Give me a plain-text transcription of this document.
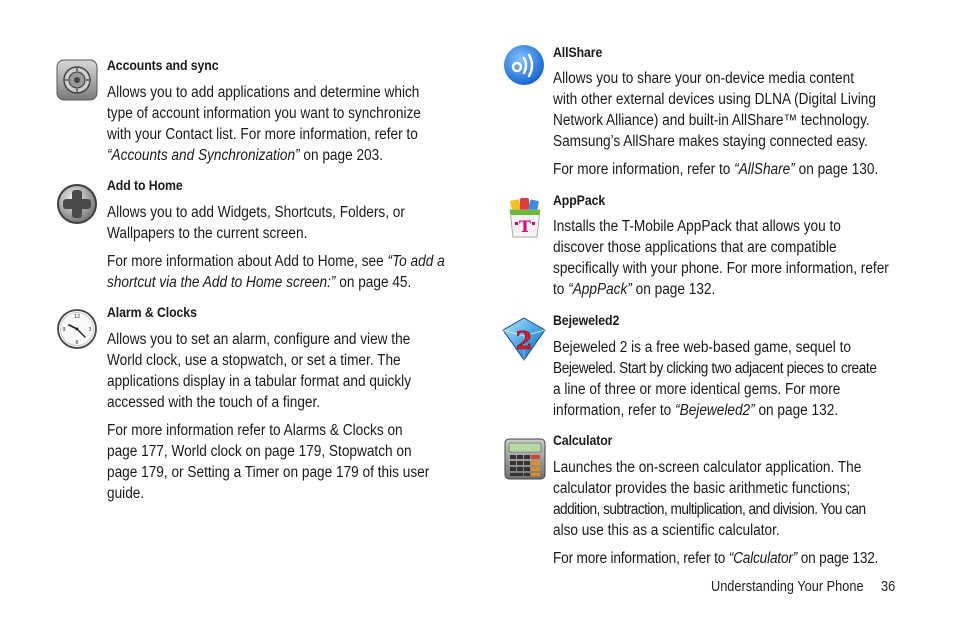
Accounts and sync
Allows you to add applications and determine which
type of account information you want to synchronize
with your Contact list. For more information, refer to
“Accounts and Synchronization” on page 203.
Add to Home
Allows you to add Widgets, Shortcuts, Folders, or
Wallpapers to the current screen.
For more information about Add to Home, see “To add a
shortcut via the Add to Home screen:” on page 45.
12
3
6
9
Alarm & Clocks
Allows you to set an alarm, configure and view the
World clock, use a stopwatch, or set a timer. The
applications display in a tabular format and quickly
accessed with the touch of a finger.
For more information refer to Alarms & Clocks on
page 177, World clock on page 179, Stopwatch on
page 179, or Setting a Timer on page 179 of this user
guide.
AllShare
Allows you to share your on-device media content
with other external devices using DLNA (Digital Living
Network Alliance) and built-in AllShare™ technology.
Samsung’s AllShare makes staying connected easy.
For more information, refer to “AllShare” on page 130.
T
AppPack
Installs the T-Mobile AppPack that allows you to
discover those applications that are compatible
specifically with your phone. For more information, refer
to “AppPack” on page 132.
2
Bejeweled2
Bejeweled 2 is a free web-based game, sequel to
Bejeweled. Start by clicking two adjacent pieces to create
a line of three or more identical gems. For more
information, refer to “Bejeweled2” on page 132.
Calculator
Launches the on-screen calculator application. The
calculator provides the basic arithmetic functions;
addition, subtraction, multiplication, and division. You can
also use this as a scientific calculator.
For more information, refer to “Calculator” on page 132.
Understanding Your Phone 36
